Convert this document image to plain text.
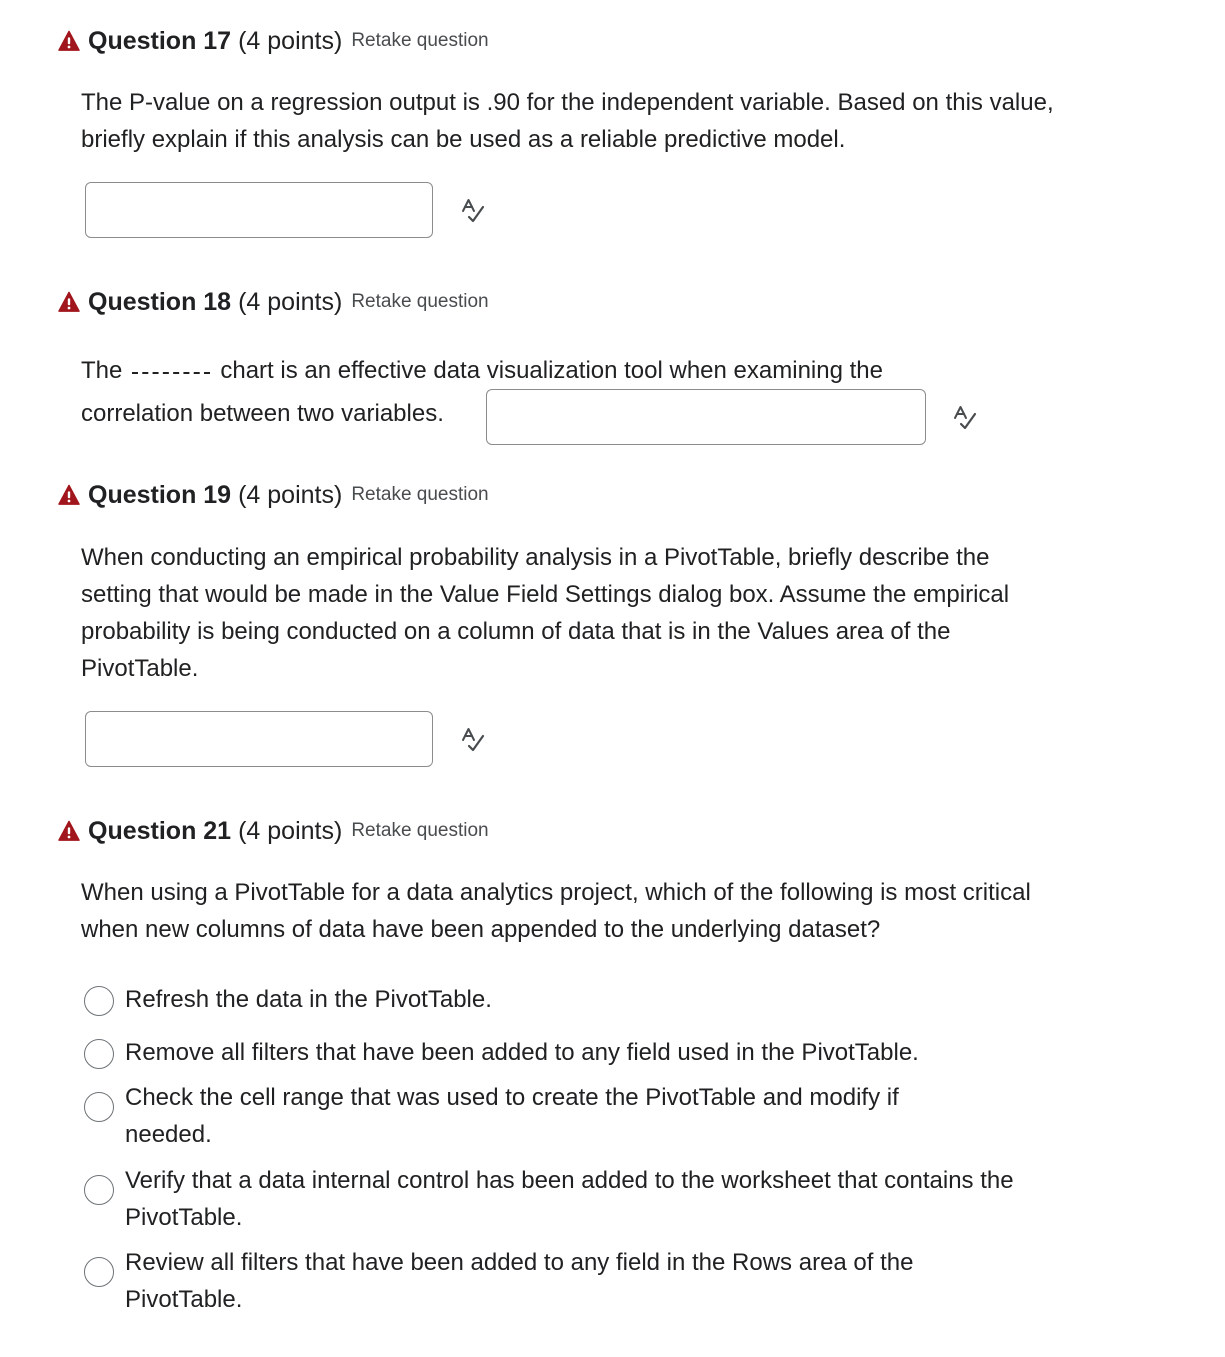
Question 17 (4 points) Retake question

The P-value on a regression output is .90 for the independent variable. Based on this value, briefly explain if this analysis can be used as a reliable predictive model.

Question 18 (4 points) Retake question
The	chart is an effective data visualization tool when examining the
correlation between two variables.
Question 19 (4 points) Retake question

When conducting an empirical probability analysis in a PivotTable, briefly describe the setting that would be made in the Value Field Settings dialog box. Assume the empirical probability is being conducted on a column of data that is in the Values area of the PivotTable.

Question 21 (4 points) Retake question

When using a PivotTable for a data analytics project, which of the following is most critical when new columns of data have been appended to the underlying dataset?

Refresh the data in the PivotTable.
Remove all filters that have been added to any field used in the PivotTable.
Check the cell range that was used to create the PivotTable and modify if needed.
Verify that a data internal control has been added to the worksheet that contains the PivotTable.
Review all filters that have been added to any field in the Rows area of the PivotTable.
